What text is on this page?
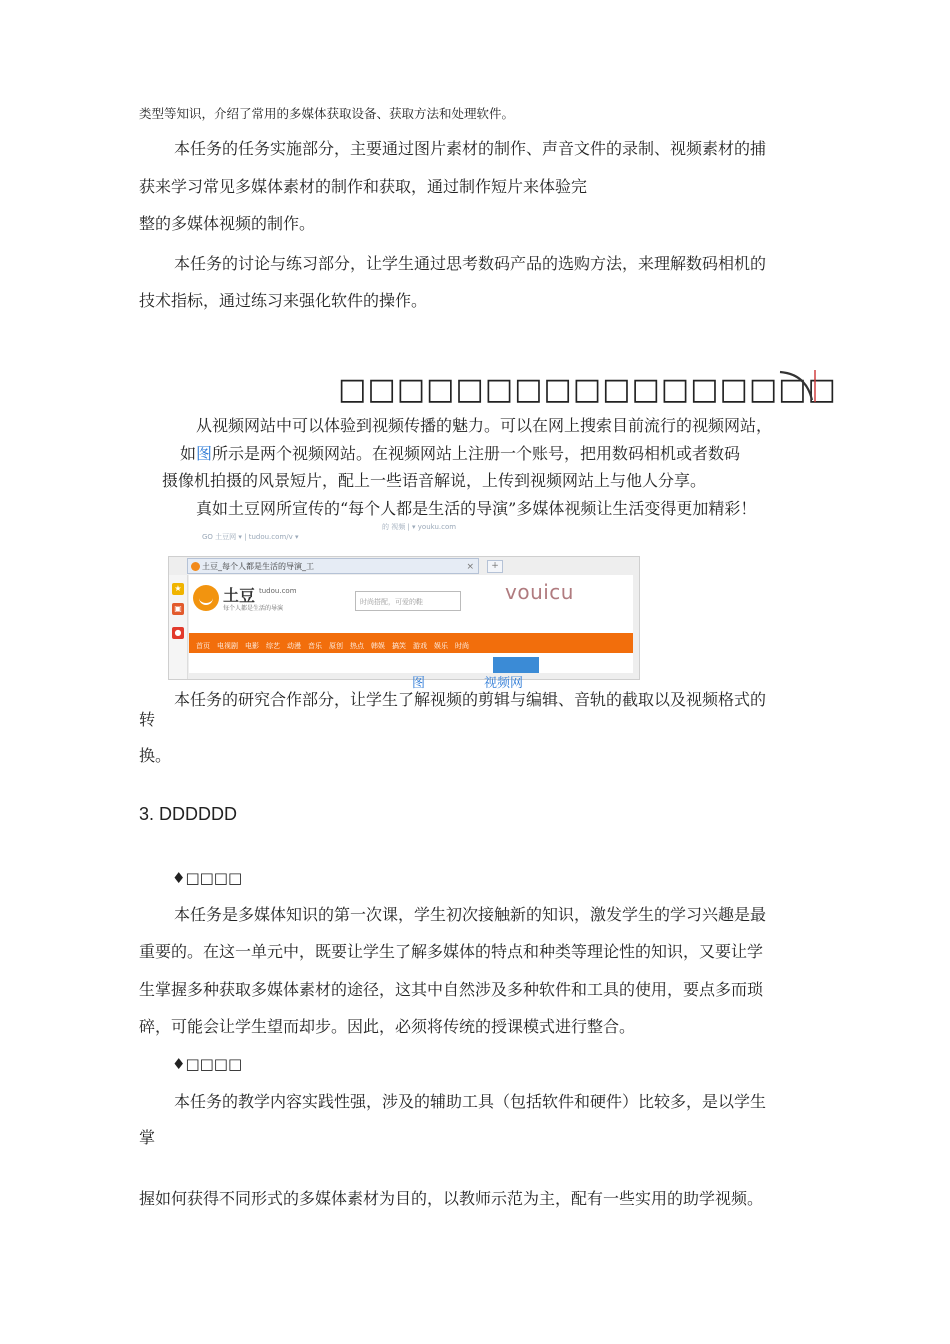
类型等知识，介绍了常用的多媒体获取设备、获取方法和处理软件。
本任务的任务实施部分，主要通过图片素材的制作、声音文件的录制、视频素材的捕
获来学习常见多媒体素材的制作和获取，通过制作短片来体验完
整的多媒体视频的制作。
本任务的讨论与练习部分，让学生通过思考数码产品的选购方法，来理解数码相机的
技术指标，通过练习来强化软件的操作。
□□□□□□□□□□□□□□□□□
从视频网站中可以体验到视频传播的魅力。可以在网上搜索目前流行的视频网站，
如图所示是两个视频网站。在视频网站上注册一个账号，把用数码相机或者数码
摄像机拍摄的风景短片，配上一些语音解说，上传到视频网站上与他人分享。
真如土豆网所宣传的“每个人都是生活的导演”多媒体视频让生活变得更加精彩！
GO 土豆网 ▾ | tudou.com/v ▾
的 视频 | ▾ youku.com
土豆_每个人都是生活的导演_工	×	+
★
▣
●
土豆 tudou.com
每个人都是生活的导演
时尚搭配，可爱的鞋
首页 电视剧 电影 综艺 动漫 音乐 原创 热点 韩娱 搞笑 游戏 娱乐 时尚
vouicu
图	视频网
本任务的研究合作部分，让学生了解视频的剪辑与编辑、音轨的截取以及视频格式的
转
换。
3. DDDDDD
♦□□□□
本任务是多媒体知识的第一次课，学生初次接触新的知识，激发学生的学习兴趣是最
重要的。在这一单元中，既要让学生了解多媒体的特点和种类等理论性的知识，又要让学
生掌握多种获取多媒体素材的途径，这其中自然涉及多种软件和工具的使用，要点多而琐
碎，可能会让学生望而却步。因此，必须将传统的授课模式进行整合。
♦□□□□
本任务的教学内容实践性强，涉及的辅助工具（包括软件和硬件）比较多，是以学生
掌
握如何获得不同形式的多媒体素材为目的，以教师示范为主，配有一些实用的助学视频。
